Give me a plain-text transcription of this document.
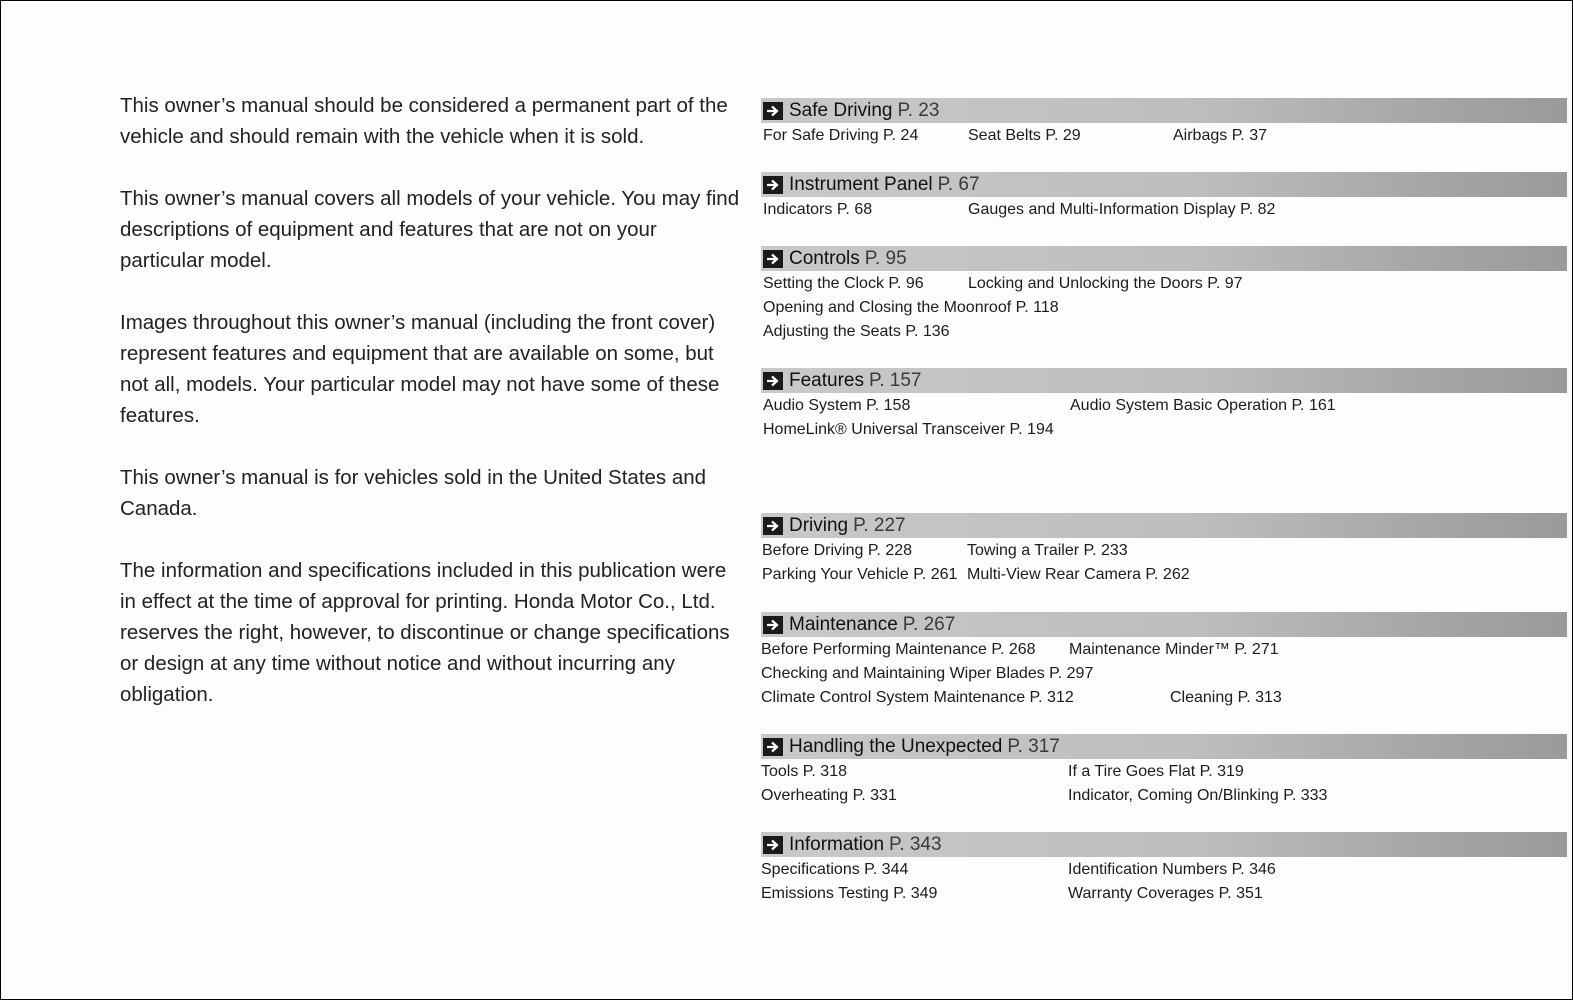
This owner’s manual should be considered a permanent part of the vehicle and should remain with the vehicle when it is sold.

This owner’s manual covers all models of your vehicle. You may find descriptions of equipment and features that are not on your particular model.

Images throughout this owner’s manual (including the front cover) represent features and equipment that are available on some, but not all, models. Your particular model may not have some of these features.

This owner’s manual is for vehicles sold in the United States and Canada.

The information and specifications included in this publication were in effect at the time of approval for printing. Honda Motor Co., Ltd. reserves the right, however, to discontinue or change specifications or design at any time without notice and without incurring any obligation.

Safe Driving P. 23
For Safe Driving P. 24	Seat Belts P. 29	Airbags P. 37
Instrument Panel P. 67
Indicators P. 68	Gauges and Multi-Information Display P. 82
Controls P. 95
Setting the Clock P. 96	Locking and Unlocking the Doors P. 97
Opening and Closing the Moonroof P. 118
Adjusting the Seats P. 136
Features P. 157
Audio System P. 158	Audio System Basic Operation P. 161
HomeLink® Universal Transceiver P. 194
Driving P. 227
Before Driving P. 228	Towing a Trailer P. 233
Parking Your Vehicle P. 261 Multi-View Rear Camera P. 262
Maintenance P. 267
Before Performing Maintenance P. 268 Maintenance Minder™ P. 271
Checking and Maintaining Wiper Blades P. 297
Climate Control System Maintenance P. 312	Cleaning P. 313
Handling the Unexpected P. 317
Tools P. 318	If a Tire Goes Flat P. 319
Overheating P. 331	Indicator, Coming On/Blinking P. 333
Information P. 343
Specifications P. 344	Identification Numbers P. 346
Emissions Testing P. 349	Warranty Coverages P. 351
